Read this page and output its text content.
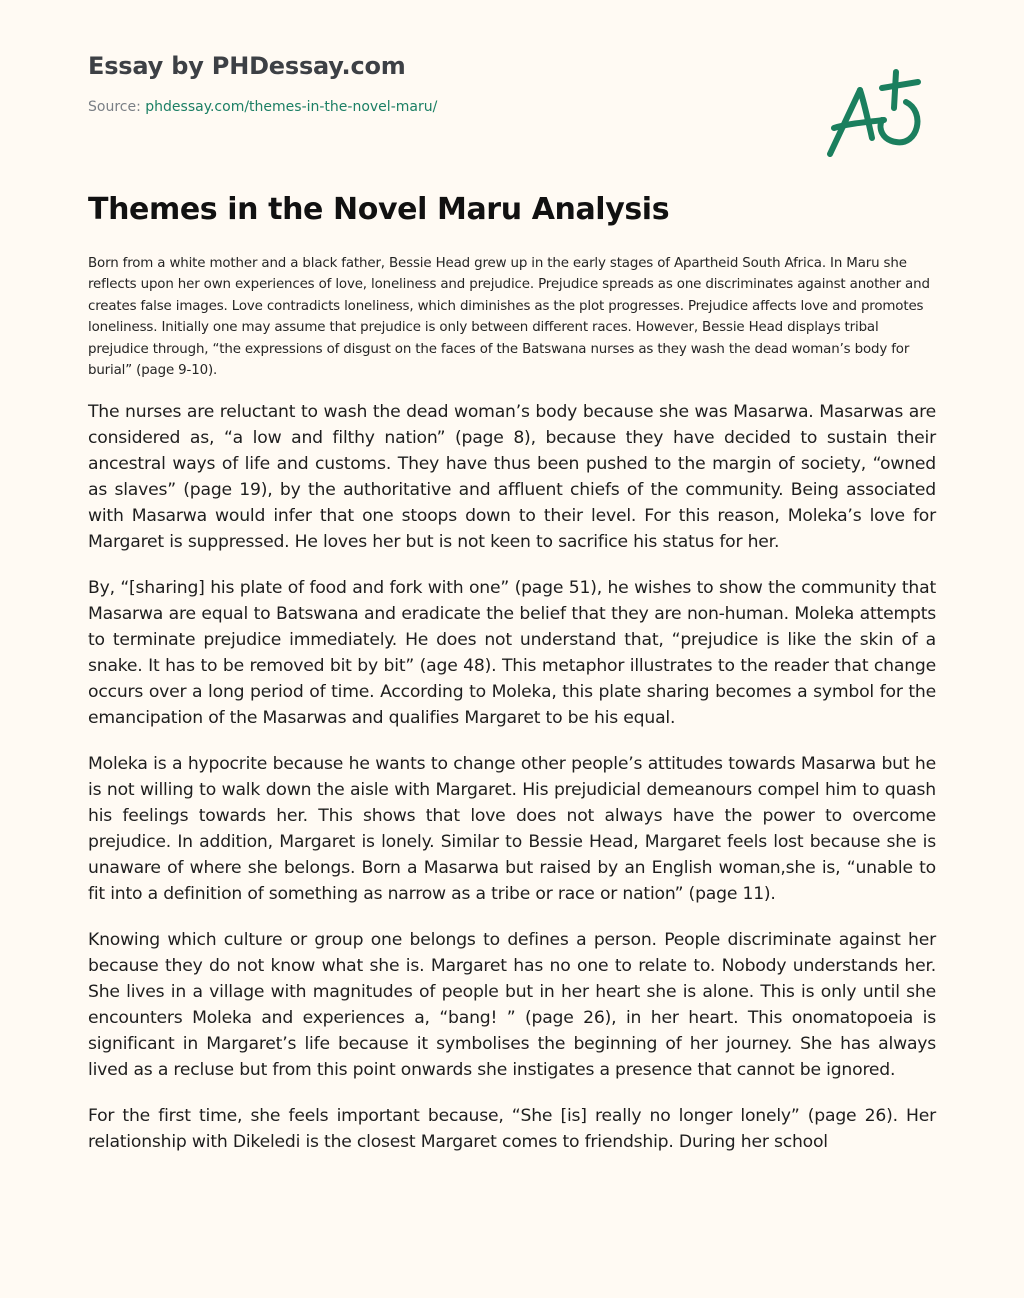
Essay by PHDessay.com
Source: phdessay.com/themes-in-the-novel-maru/
Themes in the Novel Maru Analysis

Born from a white mother and a black father, Bessie Head grew up in the early stages of Apartheid South Africa. In Maru she reflects upon her own experiences of love, loneliness and prejudice. Prejudice spreads as one discriminates against another and creates false images. Love contradicts loneliness, which diminishes as the plot progresses. Prejudice affects love and promotes loneliness. Initially one may assume that prejudice is only between different races. However, Bessie Head displays tribal prejudice through, “the expressions of disgust on the faces of the Batswana nurses as they wash the dead woman’s body for burial” (page 9-10).

The nurses are reluctant to wash the dead woman’s body because she was Masarwa. Masarwas are considered as, “a low and filthy nation” (page 8), because they have decided to sustain their ancestral ways of life and customs. They have thus been pushed to the margin of society, “owned as slaves” (page 19), by the authoritative and affluent chiefs of the community. Being associated with Masarwa would infer that one stoops down to their level. For this reason, Moleka’s love for Margaret is suppressed. He loves her but is not keen to sacrifice his status for her.

By, “[sharing] his plate of food and fork with one” (page 51), he wishes to show the community that Masarwa are equal to Batswana and eradicate the belief that they are non-human. Moleka attempts to terminate prejudice immediately. He does not understand that, “prejudice is like the skin of a snake. It has to be removed bit by bit” (age 48). This metaphor illustrates to the reader that change occurs over a long period of time. According to Moleka, this plate sharing becomes a symbol for the emancipation of the Masarwas and qualifies Margaret to be his equal.

Moleka is a hypocrite because he wants to change other people’s attitudes towards Masarwa but he is not willing to walk down the aisle with Margaret. His prejudicial demeanours compel him to quash his feelings towards her. This shows that love does not always have the power to overcome prejudice. In addition, Margaret is lonely. Similar to Bessie Head, Margaret feels lost because she is unaware of where she belongs. Born a Masarwa but raised by an English woman,she is, “unable to fit into a definition of something as narrow as a tribe or race or nation” (page 11).

Knowing which culture or group one belongs to defines a person. People discriminate against her because they do not know what she is. Margaret has no one to relate to. Nobody understands her. She lives in a village with magnitudes of people but in her heart she is alone. This is only until she encounters Moleka and experiences a, “bang! ” (page 26), in her heart. This onomatopoeia is significant in Margaret’s life because it symbolises the beginning of her journey. She has always lived as a recluse but from this point onwards she instigates a presence that cannot be ignored.

For the first time, she feels important because, “She [is] really no longer lonely” (page 26). Her relationship with Dikeledi is the closest Margaret comes to friendship. During her school
